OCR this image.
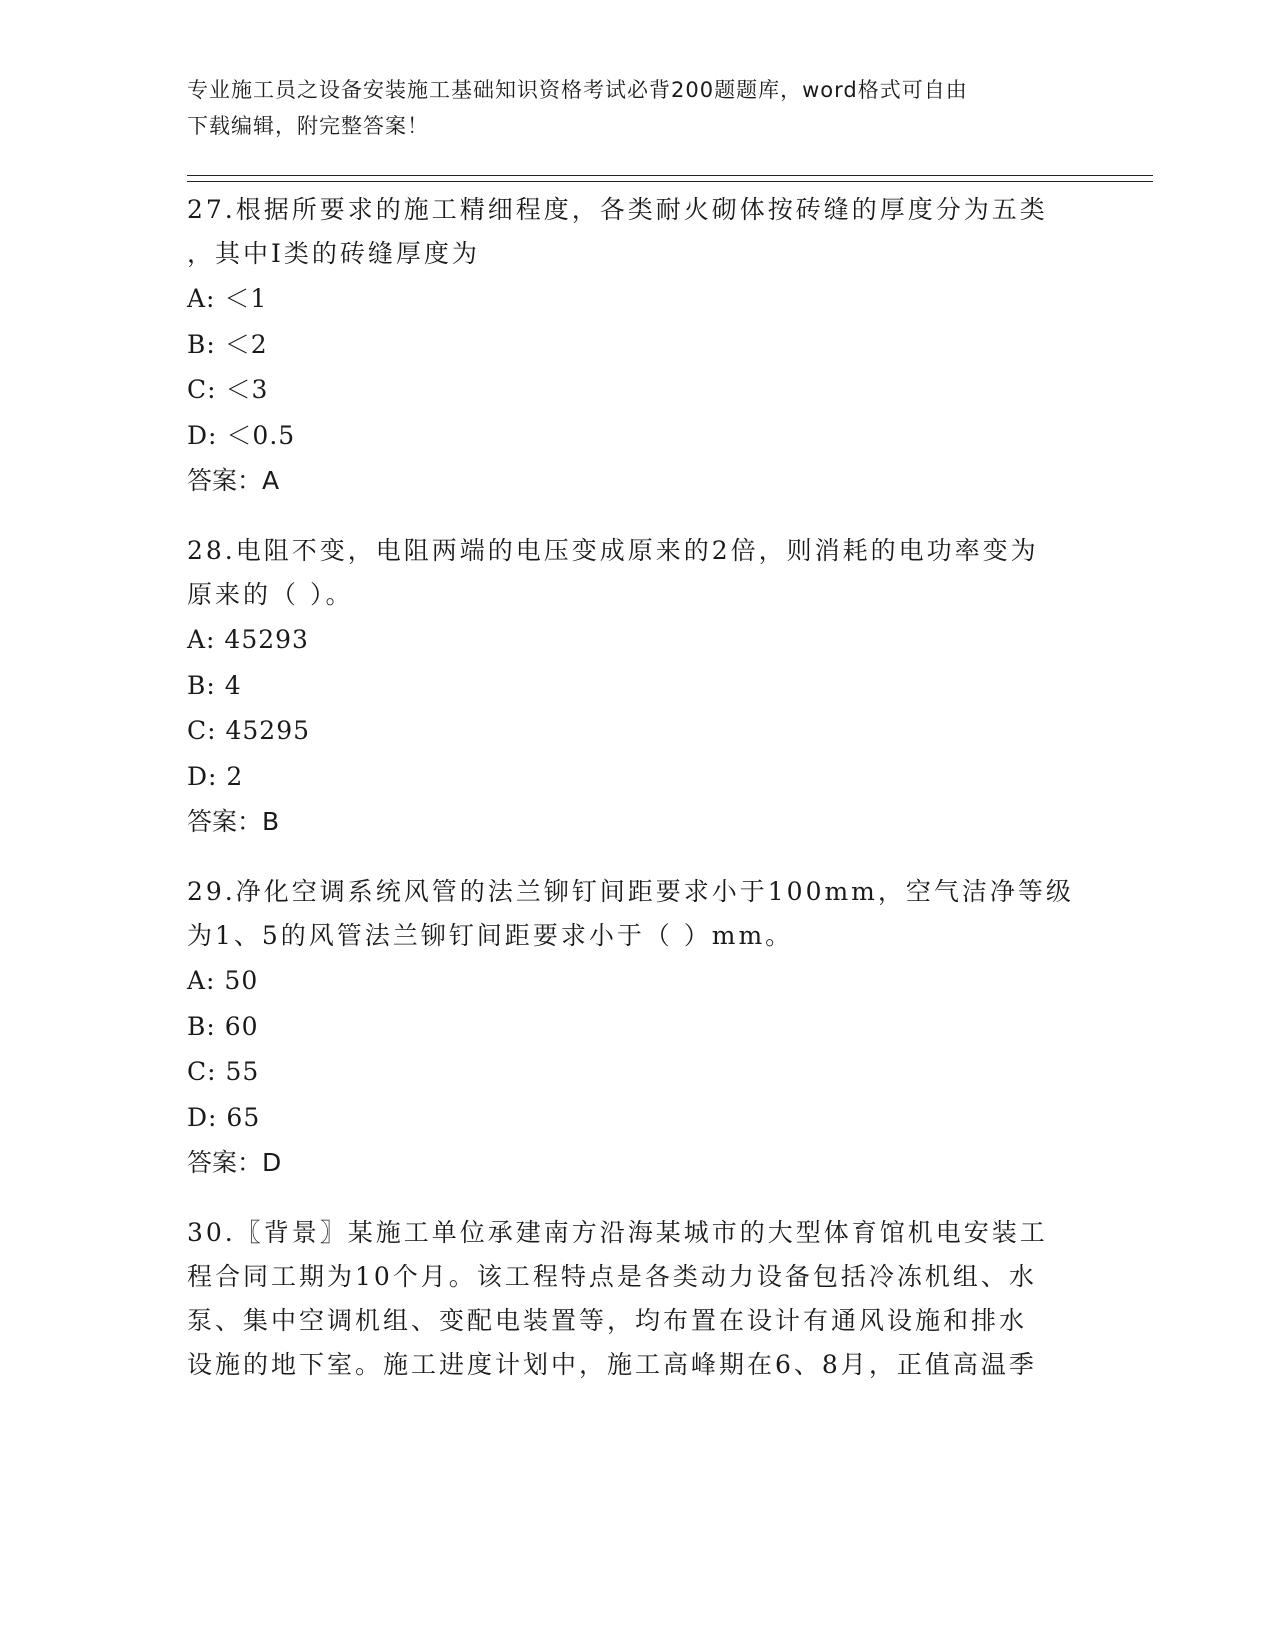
专业施工员之设备安装施工基础知识资格考试必背200题题库，word格式可自由
下载编辑，附完整答案！

27.根据所要求的施工精细程度，各类耐火砌体按砖缝的厚度分为五类

，其中Ⅰ类的砖缝厚度为

A: ＜1

B: ＜2

C: ＜3

D: ＜0.5

答案：A

28.电阻不变，电阻两端的电压变成原来的2倍，则消耗的电功率变为

原来的（ ）。

A: 45293

B: 4

C: 45295

D: 2

答案：B

29.净化空调系统风管的法兰铆钉间距要求小于100mm，空气洁净等级

为1、5的风管法兰铆钉间距要求小于（ ）mm。

A: 50

B: 60

C: 55

D: 65

答案：D

30.〖背景〗某施工单位承建南方沿海某城市的大型体育馆机电安装工

程合同工期为10个月。该工程特点是各类动力设备包括冷冻机组、水

泵、集中空调机组、变配电装置等，均布置在设计有通风设施和排水

设施的地下室。施工进度计划中，施工高峰期在6、8月，正值高温季
